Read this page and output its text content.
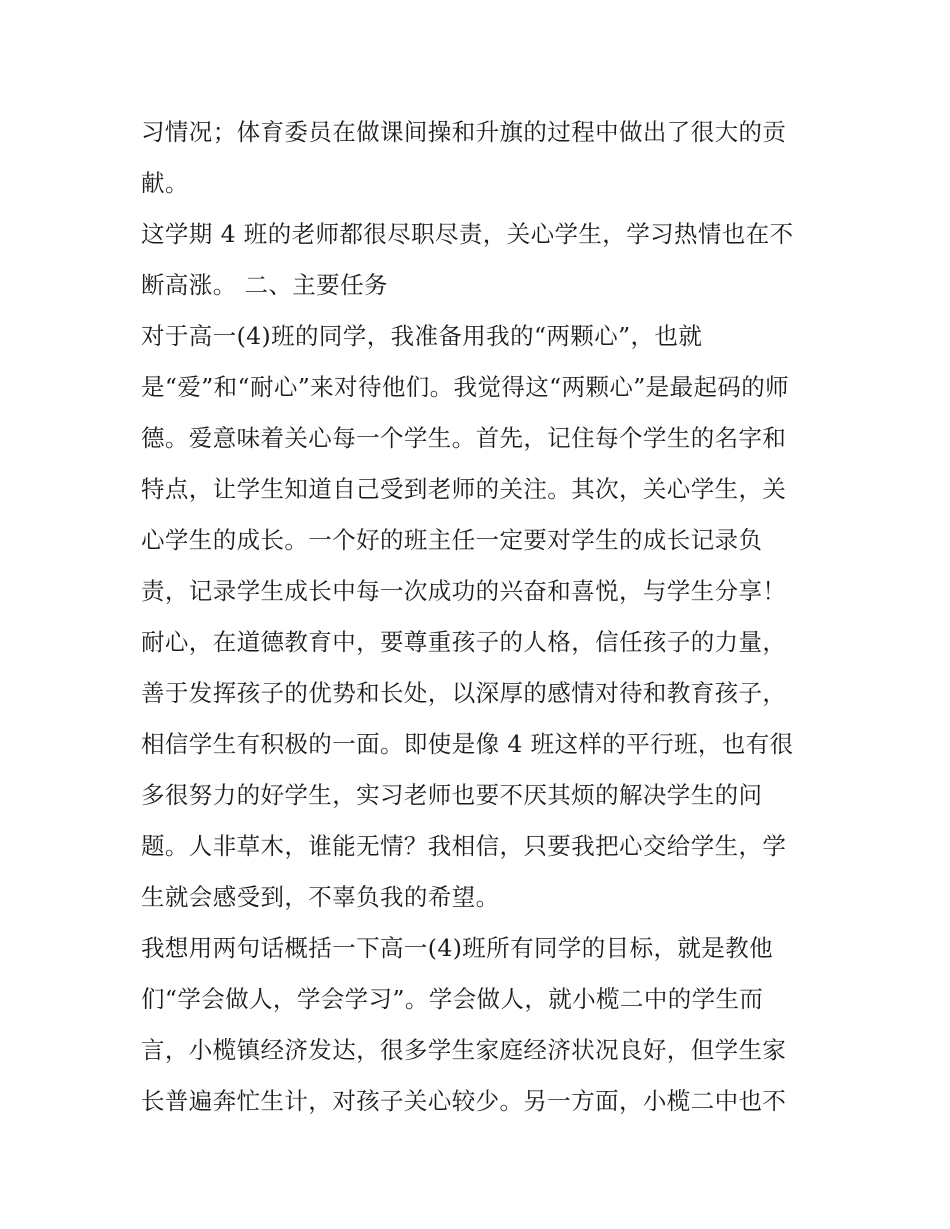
习情况；体育委员在做课间操和升旗的过程中做出了很大的贡
献。
这学期 4 班的老师都很尽职尽责，关心学生，学习热情也在不
断高涨。 二、主要任务
对于高一(4)班的同学，我准备用我的“两颗心”，也就
是“爱”和“耐心”来对待他们。我觉得这“两颗心”是最起码的师
德。爱意味着关心每一个学生。首先，记住每个学生的名字和
特点，让学生知道自己受到老师的关注。其次，关心学生，关
心学生的成长。一个好的班主任一定要对学生的成长记录负
责，记录学生成长中每一次成功的兴奋和喜悦，与学生分享！
耐心，在道德教育中，要尊重孩子的人格，信任孩子的力量，
善于发挥孩子的优势和长处，以深厚的感情对待和教育孩子，
相信学生有积极的一面。即使是像 4 班这样的平行班，也有很
多很努力的好学生，实习老师也要不厌其烦的解决学生的问
题。人非草木，谁能无情？我相信，只要我把心交给学生，学
生就会感受到，不辜负我的希望。
我想用两句话概括一下高一(4)班所有同学的目标，就是教他
们“学会做人，学会学习”。学会做人，就小榄二中的学生而
言，小榄镇经济发达，很多学生家庭经济状况良好，但学生家
长普遍奔忙生计，对孩子关心较少。另一方面，小榄二中也不
